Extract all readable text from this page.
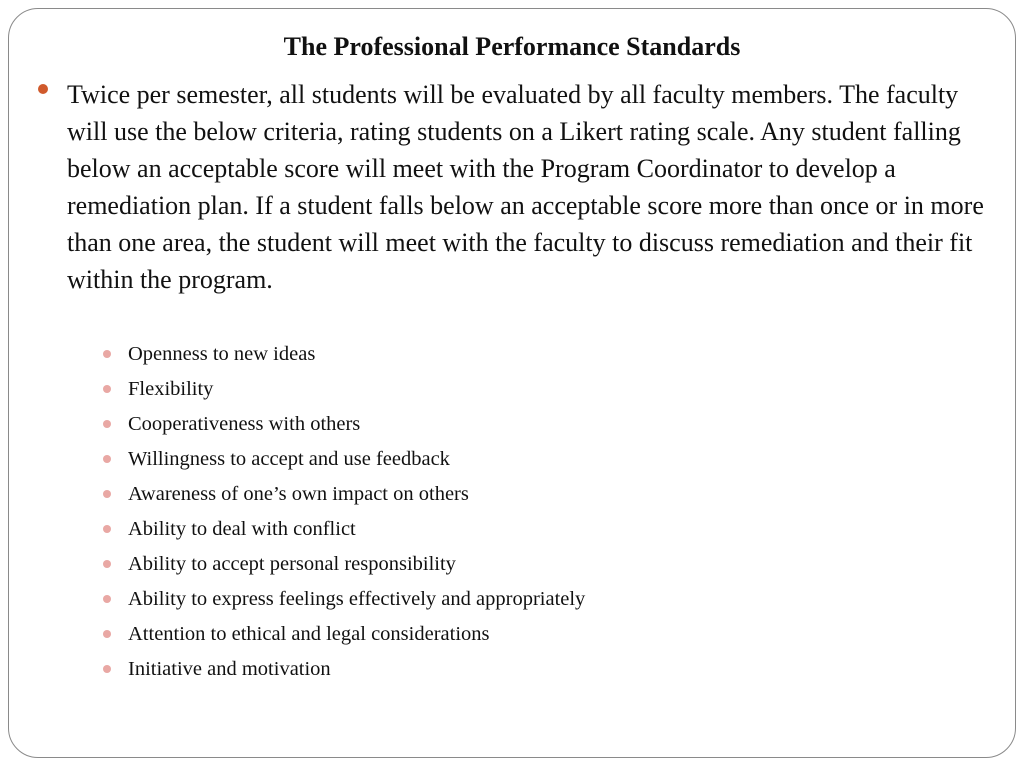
The Professional Performance Standards
Twice per semester, all students will be evaluated by all faculty members. The faculty will use the below criteria, rating students on a Likert rating scale. Any student falling below an acceptable score will meet with the Program Coordinator to develop a remediation plan. If a student falls below an acceptable score more than once or in more than one area, the student will meet with the faculty to discuss remediation and their fit within the program.
Openness to new ideas
Flexibility
Cooperativeness with others
Willingness to accept and use feedback
Awareness of one’s own impact on others
Ability to deal with conflict
Ability to accept personal responsibility
Ability to express feelings effectively and appropriately
Attention to ethical and legal considerations
Initiative and motivation
